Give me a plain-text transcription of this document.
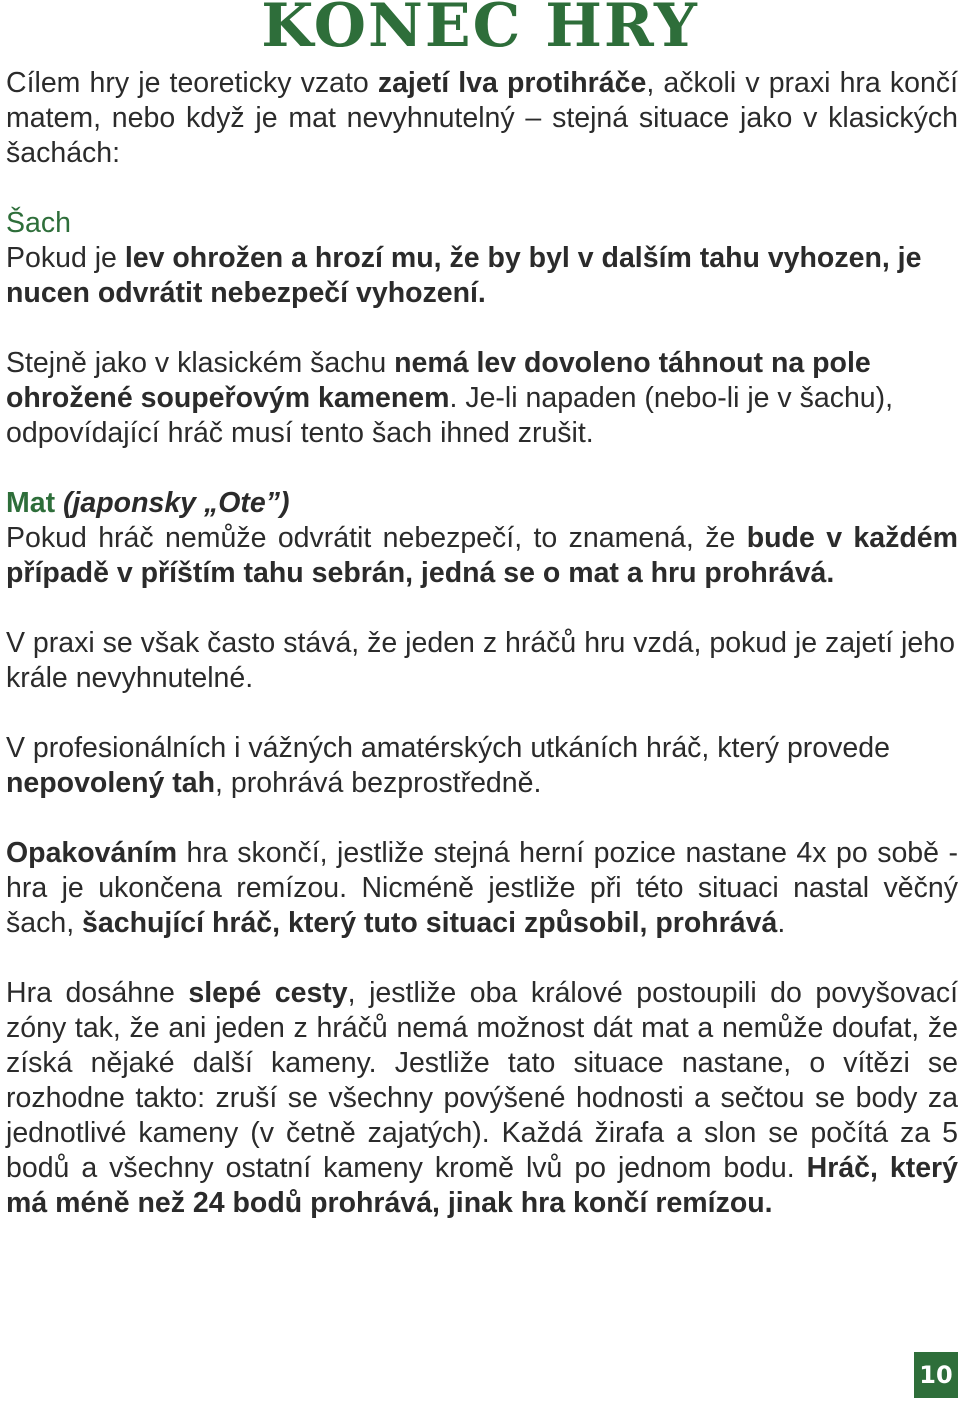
KONEC HRY

Cílem hry je teoreticky vzato zajetí lva protihráče, ačkoli v praxi hra končí matem, nebo když je mat nevyhnutelný – stejná situace jako v klasických šachách:

Šach
Pokud je lev ohrožen a hrozí mu, že by byl v dalším tahu vyhozen, je nucen odvrátit nebezpečí vyhození.

Stejně jako v klasickém šachu nemá lev dovoleno táhnout na pole ohrožené soupeřovým kamenem. Je-li napaden (nebo-li je v šachu), odpovídající hráč musí tento šach ihned zrušit.

Mat (japonsky „Ote”)
Pokud hráč nemůže odvrátit nebezpečí, to znamená, že bude v každém případě v příštím tahu sebrán, jedná se o mat a hru prohrává.

V praxi se však často stává, že jeden z hráčů hru vzdá, pokud je zajetí jeho krále nevyhnutelné.

V profesionálních i vážných amatérských utkáních hráč, který provede nepovolený tah, prohrává bezprostředně.

Opakováním hra skončí, jestliže stejná herní pozice nastane 4x po sobě - hra je ukončena remízou. Nicméně jestliže při této situaci nastal věčný šach, šachující hráč, který tuto situaci způsobil, prohrává.

Hra dosáhne slepé cesty, jestliže oba králové postoupili do povyšovací zóny tak, že ani jeden z hráčů nemá možnost dát mat a nemůže doufat, že získá nějaké další kameny. Jestliže tato situace nastane, o vítězi se rozhodne takto: zruší se všechny povýšené hodnosti a sečtou se body za jednotlivé kameny (v četně zajatých). Každá žirafa a slon se počítá za 5 bodů a všechny ostatní kameny kromě lvů po jednom bodu. Hráč, který má méně než 24 bodů prohrává, jinak hra končí remízou.

10
